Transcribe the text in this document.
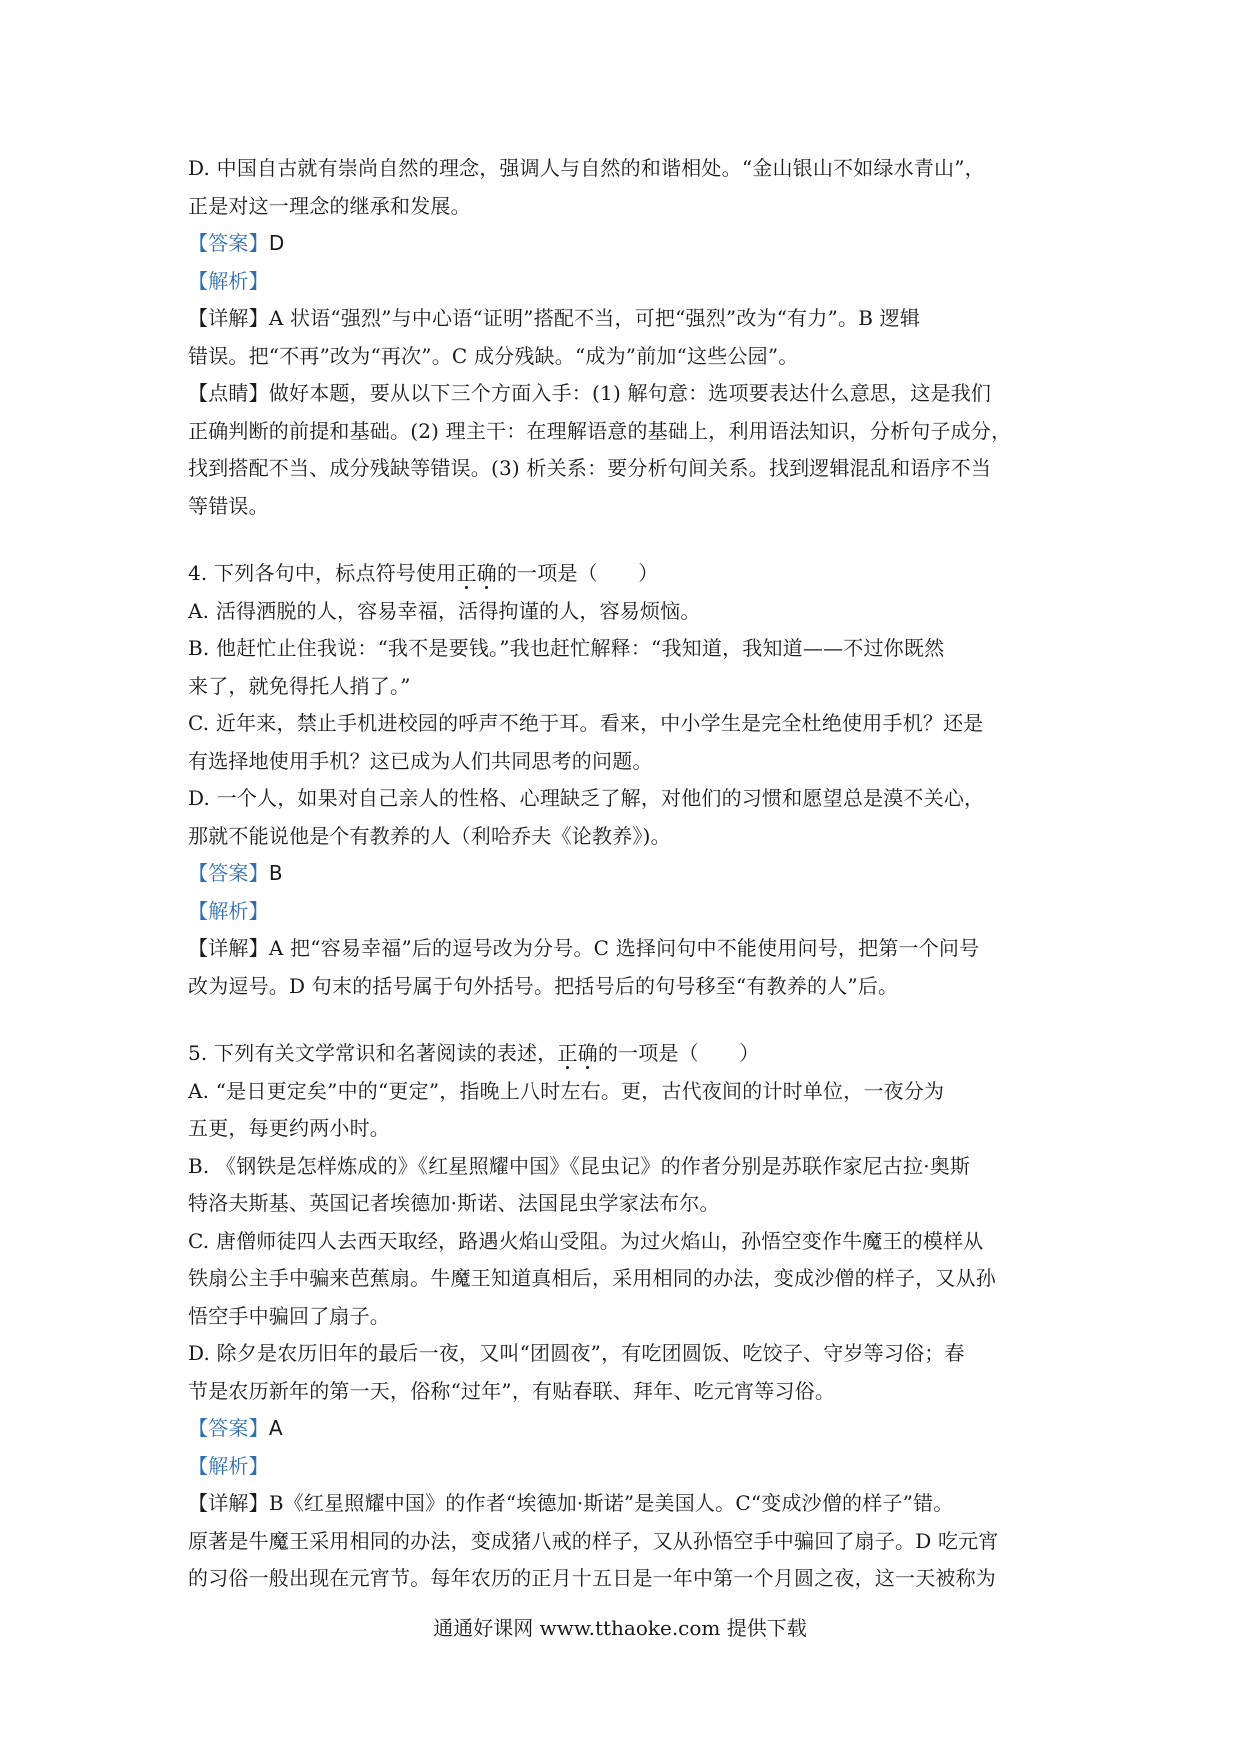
D. 中国自古就有崇尚自然的理念，强调人与自然的和谐相处。“金山银山不如绿水青山”，
正是对这一理念的继承和发展。
【答案】D
【解析】
【详解】A 状语“强烈”与中心语“证明”搭配不当，可把“强烈”改为“有力”。B 逻辑
错误。把“不再”改为“再次”。C 成分残缺。“成为”前加“这些公园”。
【点睛】做好本题，要从以下三个方面入手：(1) 解句意：选项要表达什么意思，这是我们
正确判断的前提和基础。(2) 理主干：在理解语意的基础上，利用语法知识，分析句子成分，
找到搭配不当、成分残缺等错误。(3) 析关系：要分析句间关系。找到逻辑混乱和语序不当
等错误。
4. 下列各句中，标点符号使用正确的一项是（　　）
A. 活得洒脱的人，容易幸福，活得拘谨的人，容易烦恼。
B. 他赶忙止住我说：“我不是要钱。”我也赶忙解释：“我知道，我知道——不过你既然
来了，就免得托人捎了。”
C. 近年来，禁止手机进校园的呼声不绝于耳。看来，中小学生是完全杜绝使用手机？还是
有选择地使用手机？这已成为人们共同思考的问题。
D. 一个人，如果对自己亲人的性格、心理缺乏了解，对他们的习惯和愿望总是漠不关心，
那就不能说他是个有教养的人（利哈乔夫《论教养》)。
【答案】B
【解析】
【详解】A 把“容易幸福”后的逗号改为分号。C 选择问句中不能使用问号，把第一个问号
改为逗号。D 句末的括号属于句外括号。把括号后的句号移至“有教养的人”后。
5. 下列有关文学常识和名著阅读的表述，正确的一项是（　　）
A. “是日更定矣”中的“更定”，指晚上八时左右。更，古代夜间的计时单位，一夜分为
五更，每更约两小时。
B. 《钢铁是怎样炼成的》《红星照耀中国》《昆虫记》的作者分别是苏联作家尼古拉·奥斯
特洛夫斯基、英国记者埃德加·斯诺、法国昆虫学家法布尔。
C. 唐僧师徒四人去西天取经，路遇火焰山受阻。为过火焰山，孙悟空变作牛魔王的模样从
铁扇公主手中骗来芭蕉扇。牛魔王知道真相后，采用相同的办法，变成沙僧的样子，又从孙
悟空手中骗回了扇子。
D. 除夕是农历旧年的最后一夜，又叫“团圆夜”，有吃团圆饭、吃饺子、守岁等习俗；春
节是农历新年的第一天，俗称“过年”，有贴春联、拜年、吃元宵等习俗。
【答案】A
【解析】
【详解】B《红星照耀中国》的作者“埃德加·斯诺”是美国人。C“变成沙僧的样子”错。
原著是牛魔王采用相同的办法，变成猪八戒的样子，又从孙悟空手中骗回了扇子。D 吃元宵
的习俗一般出现在元宵节。每年农历的正月十五日是一年中第一个月圆之夜，这一天被称为
通通好课网 www.tthaoke.com 提供下载
